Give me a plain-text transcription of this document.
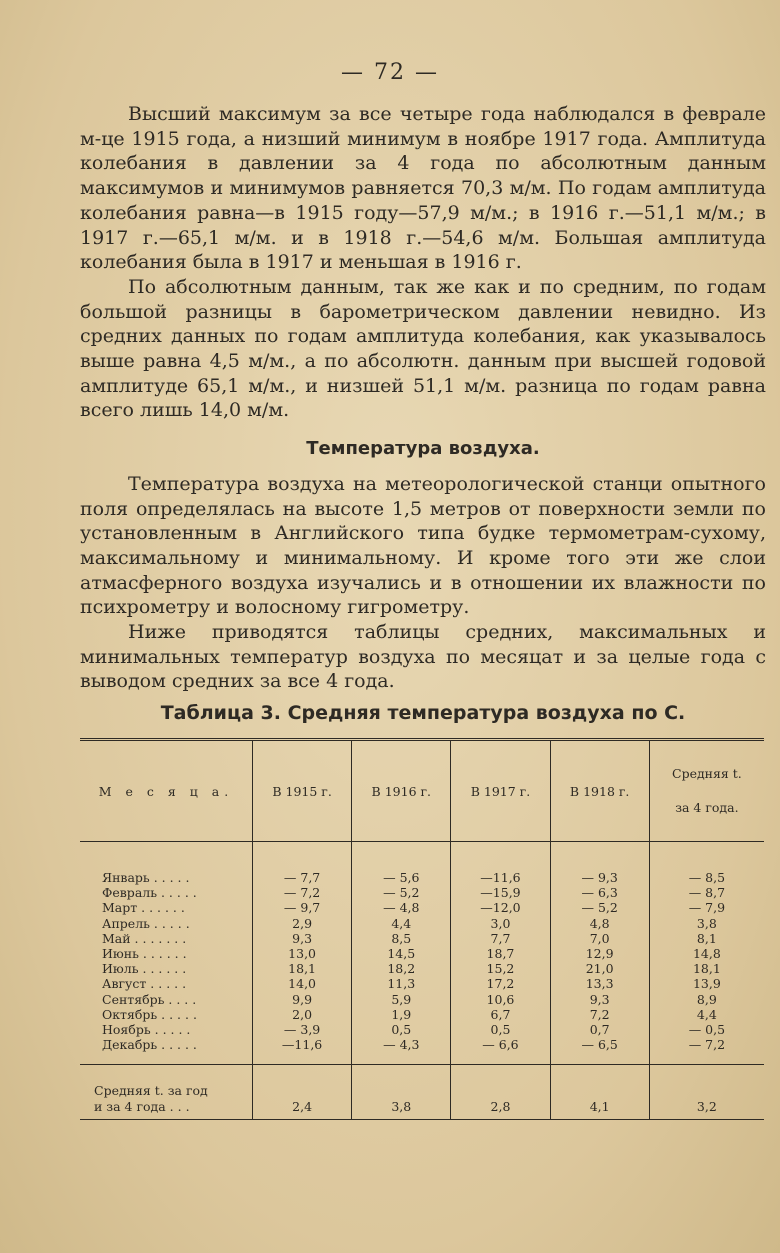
— 72 —

Высший максимум за все четыре года наблюдался в феврале м-це 1915 года, а низший минимум в ноябре 1917 года. Амплитуда колебания в давлении за 4 года по абсолютным данным максимумов и минимумов равняется 70,3 м/м. По годам амплитуда колебания равна—в 1915 году—57,9 м/м.; в 1916 г.—51,1 м/м.; в 1917 г.—65,1 м/м. и в 1918 г.—54,6 м/м. Большая амплитуда колебания была в 1917 и меньшая в 1916 г.

По абсолютным данным, так же как и по средним, по годам большой разницы в барометрическом давлении невидно. Из средних данных по годам амплитуда колебания, как указывалось выше равна 4,5 м/м., а по абсолютн. данным при высшей годовой амплитуде 65,1 м/м., и низшей 51,1 м/м. разница по годам равна всего лишь 14,0 м/м.

Температура воздуха.

Температура воздуха на метеорологической станци опытного поля определялась на высоте 1,5 метров от поверхности земли по установленным в Английского типа будке термометрам-сухому, максимальному и минимальному. И кроме того эти же слои атмасферного воздуха изучались и в отношении их влажности по психрометру и волосному гигрометру.

Ниже приводятся таблицы средних, максимальных и минимальных температур воздуха по месяцат и за целые года с выводом средних за все 4 года.

Таблица 3. Средняя температура воздуха по С.
М е с я ц а.	В 1915 г.	В 1916 г.	В 1917 г.	В 1918 г.	Средняя t.
за 4 года.

Январь . . . . .	— 7,7	— 5,6	—11,6	— 9,3	— 8,5
Февраль . . . . .	— 7,2	— 5,2	—15,9	— 6,3	— 8,7
Март . . . . . .	— 9,7	— 4,8	—12,0	— 5,2	— 7,9
Апрель . . . . .	2,9	4,4	3,0	4,8	3,8
Май . . . . . . .	9,3	8,5	7,7	7,0	8,1
Июнь . . . . . .	13,0	14,5	18,7	12,9	14,8
Июль . . . . . .	18,1	18,2	15,2	21,0	18,1
Август . . . . .	14,0	11,3	17,2	13,3	13,9
Сентябрь . . . .	9,9	5,9	10,6	9,3	8,9
Октябрь . . . . .	2,0	1,9	6,7	7,2	4,4
Ноябрь . . . . .	— 3,9	0,5	0,5	0,7	— 0,5
Декабрь . . . . .	—11,6	— 4,3	— 6,6	— 6,5	— 7,2

Средняя t. за год
и за 4 года . . .	2,4	3,8	2,8	4,1	3,2
